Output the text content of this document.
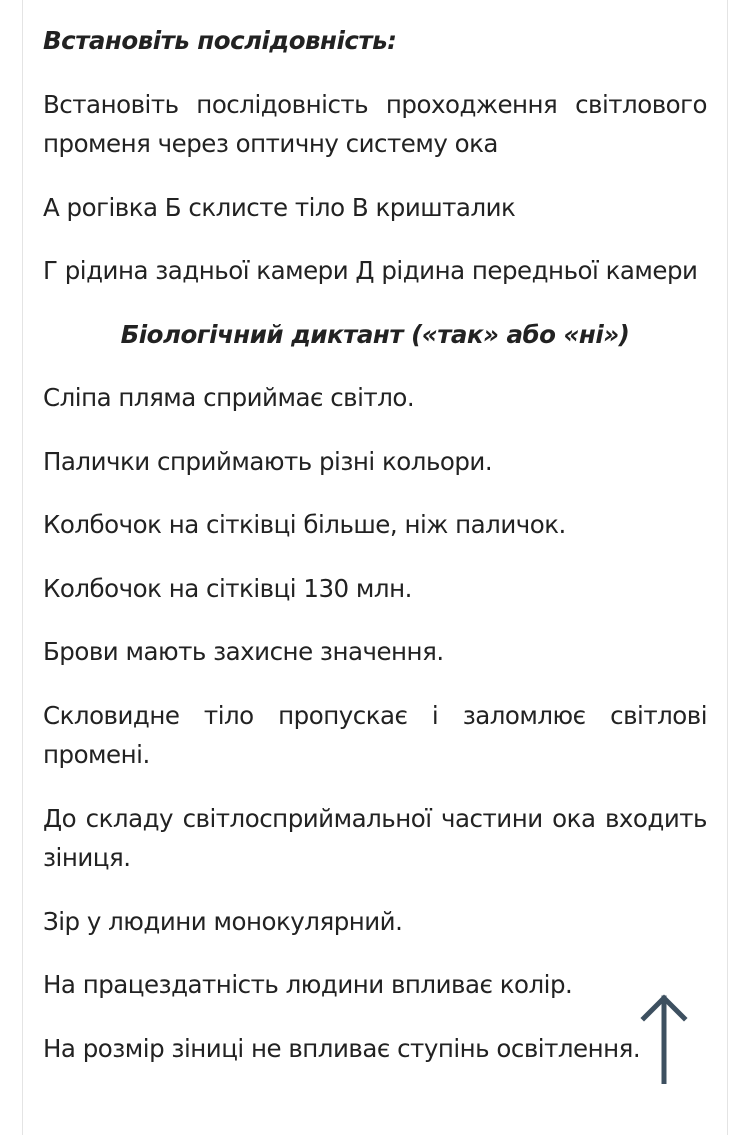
Встановіть послідовність:

Встановіть послідовність проходження світлового променя через оптичну систему ока

А рогівка Б склисте тіло В кришталик

Г рідина задньої камери Д рідина передньої камери

Біологічний диктант («так» або «ні»)

Сліпа пляма сприймає світло.

Палички сприймають різні кольори.

Колбочок на сітківці більше, ніж паличок.

Колбочок на сітківці 130 млн.

Брови мають захисне значення.

Скловидне тіло пропускає і заломлює світлові промені.

До складу світлосприймальної частини ока входить зіниця.

Зір у людини монокулярний.

На працездатність людини впливає колір.

На розмір зіниці не впливає ступінь освітлення.
